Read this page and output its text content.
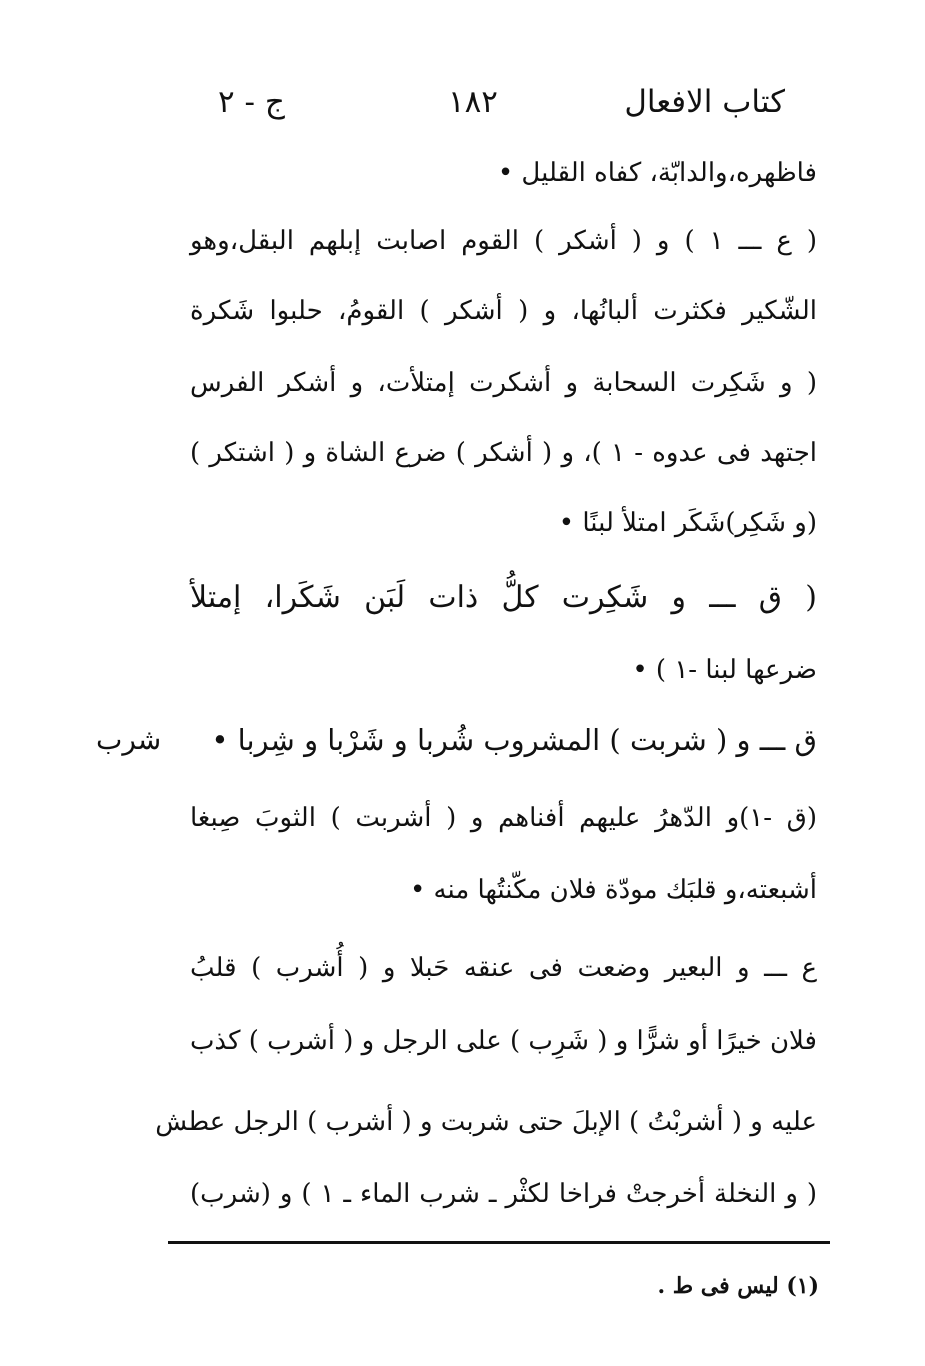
كتاب الافعال
١٨٢
ج - ٢
فاظهره،والدابّة، كفاه القليل •
( ع ـــ ١ ) و ( أشكر ) القوم اصابت إبلهم البقل،وهو
الشّكير فكثرت ألبانُها، و ( أشكر ) القومُ، حلبوا شَكرة
( و شَكِرت السحابة و أشكرت إمتلأت، و أشكر الفرس
اجتهد فى عدوه - ١ )، و ( أشكر ) ضرع الشاة و ( اشتكر )
(و شَكِر)شَكَر امتلأ لبنًا •
( ق ـــ و شَكِرت كلُّ ذات لَبَن شَكَرا، إمتلأ
ضرعها لبنا -١ ) •
ق ـــ و ( شربت ) المشروب شُربا و شَرْبا و شِربا •
(ق -١)و الدّهرُ عليهم أفناهم و ( أشربت ) الثوبَ صِبغا
أشبعته،و قلبَك مودّة فلان مكّنتُها منه •
ع ـــ و البعير وضعت فى عنقه حَبلا و ( أُشرب ) قلبُ
فلان خيرًا أو شرًّا و ( شَرِب ) على الرجل و ( أشرب ) كذب
عليه و ( أشربْتُ ) الإبلَ حتى شربت و ( أشرب ) الرجل عطش
( و النخلة أخرجتْ فراخا لكثْر ـ شرب الماء ـ ١ ) و (شرب)
شرب
(١) ليس فى ط .
